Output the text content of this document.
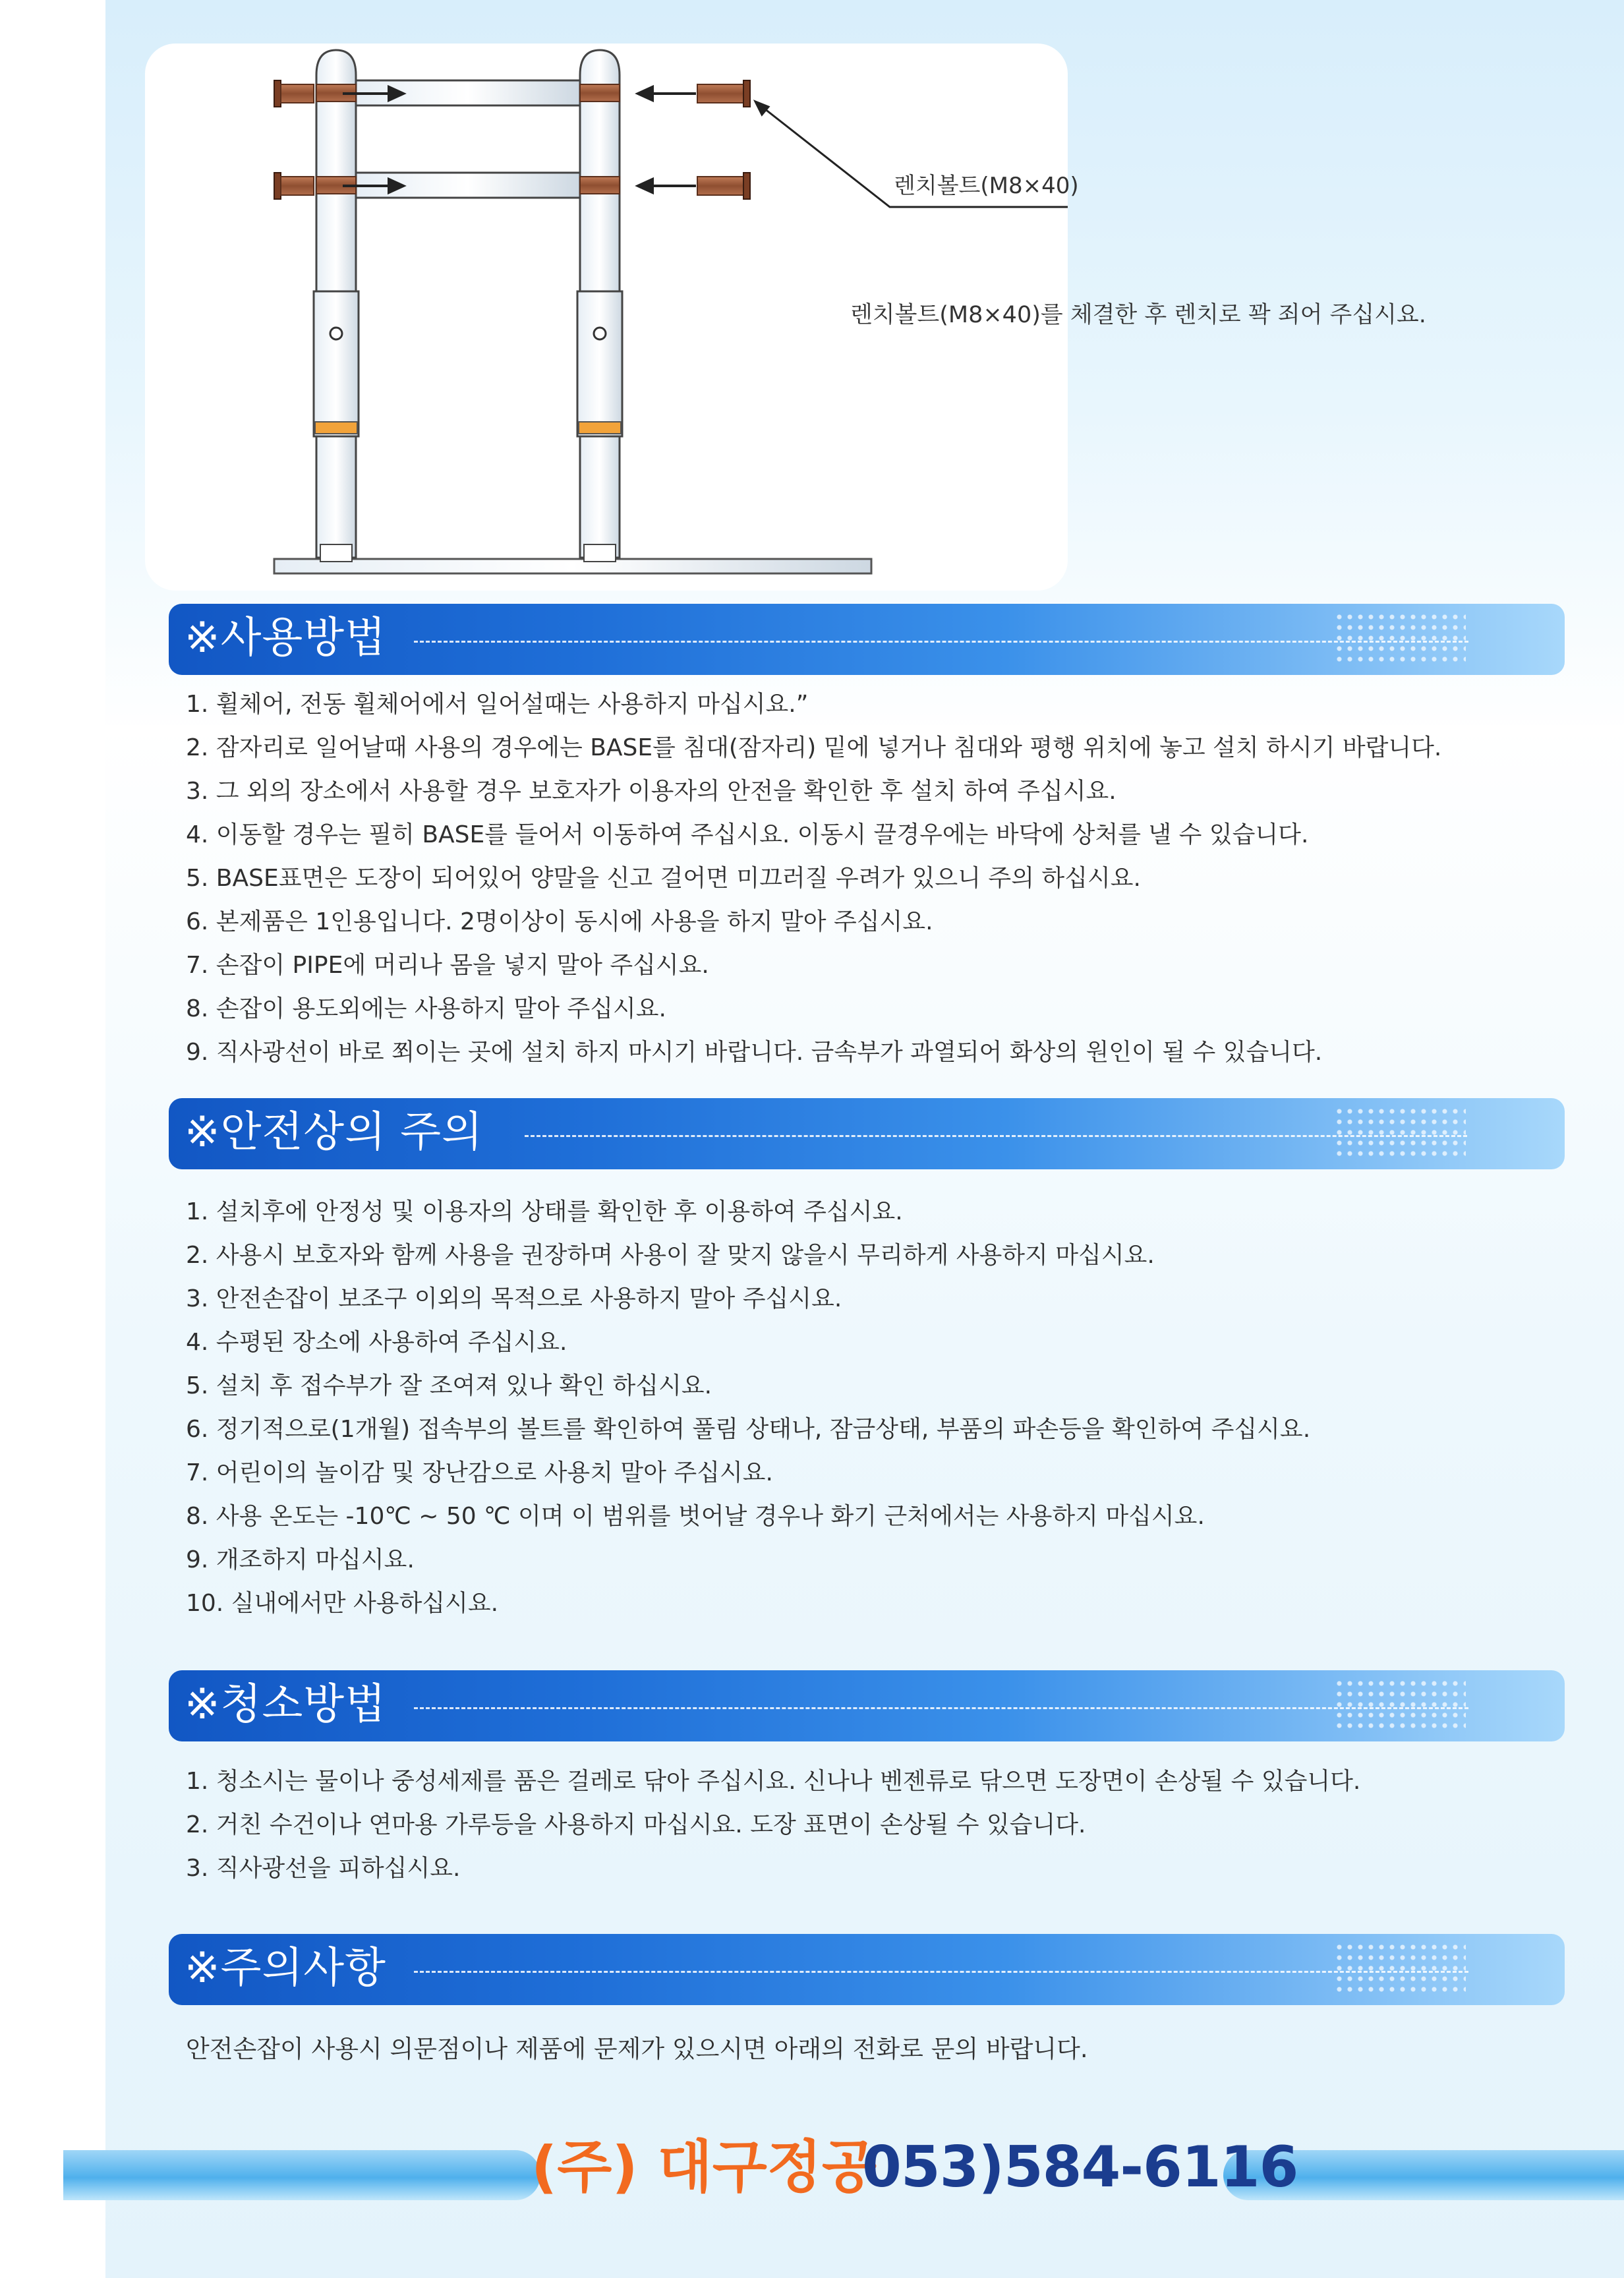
렌치볼트(M8×40)
렌치볼트(M8×40)를 체결한 후 렌치로 꽉 죄어 주십시요.
※사용방법
1. 휠체어, 전동 휠체어에서 일어설때는 사용하지 마십시요.”
2. 잠자리로 일어날때 사용의 경우에는 BASE를 침대(잠자리) 밑에 넣거나 침대와 평행 위치에 놓고 설치 하시기 바랍니다.
3. 그 외의 장소에서 사용할 경우 보호자가 이용자의 안전을 확인한 후 설치 하여 주십시요.
4. 이동할 경우는 필히 BASE를 들어서 이동하여 주십시요. 이동시 끌경우에는 바닥에 상처를 낼 수 있습니다.
5. BASE표면은 도장이 되어있어 양말을 신고 걸어면 미끄러질 우려가 있으니 주의 하십시요.
6. 본제품은 1인용입니다. 2명이상이 동시에 사용을 하지 말아 주십시요.
7. 손잡이 PIPE에 머리나 몸을 넣지 말아 주십시요.
8. 손잡이 용도외에는 사용하지 말아 주십시요.
9. 직사광선이 바로 쬐이는 곳에 설치 하지 마시기 바랍니다. 금속부가 과열되어 화상의 원인이 될 수 있습니다.
※안전상의 주의
1. 설치후에 안정성 및 이용자의 상태를 확인한 후 이용하여 주십시요.
2. 사용시 보호자와 함께 사용을 권장하며 사용이 잘 맞지 않을시 무리하게 사용하지 마십시요.
3. 안전손잡이 보조구 이외의 목적으로 사용하지 말아 주십시요.
4. 수평된 장소에 사용하여 주십시요.
5. 설치 후 접수부가 잘 조여져 있나 확인 하십시요.
6. 정기적으로(1개월) 접속부의 볼트를 확인하여 풀림 상태나, 잠금상태, 부품의 파손등을 확인하여 주십시요.
7. 어린이의 놀이감 및 장난감으로 사용치 말아 주십시요.
8. 사용 온도는 -10℃ ~ 50 ℃ 이며 이 범위를 벗어날 경우나 화기 근처에서는 사용하지 마십시요.
9. 개조하지 마십시요.
10. 실내에서만 사용하십시요.
※청소방법
1. 청소시는 물이나 중성세제를 품은 걸레로 닦아 주십시요. 신나나 벤젠류로 닦으면 도장면이 손상될 수 있습니다.
2. 거친 수건이나 연마용 가루등을 사용하지 마십시요. 도장 표면이 손상될 수 있습니다.
3. 직사광선을 피하십시요.
※주의사항
안전손잡이 사용시 의문점이나 제품에 문제가 있으시면 아래의 전화로 문의 바랍니다.
(주) 대구정공
053)584-6116
